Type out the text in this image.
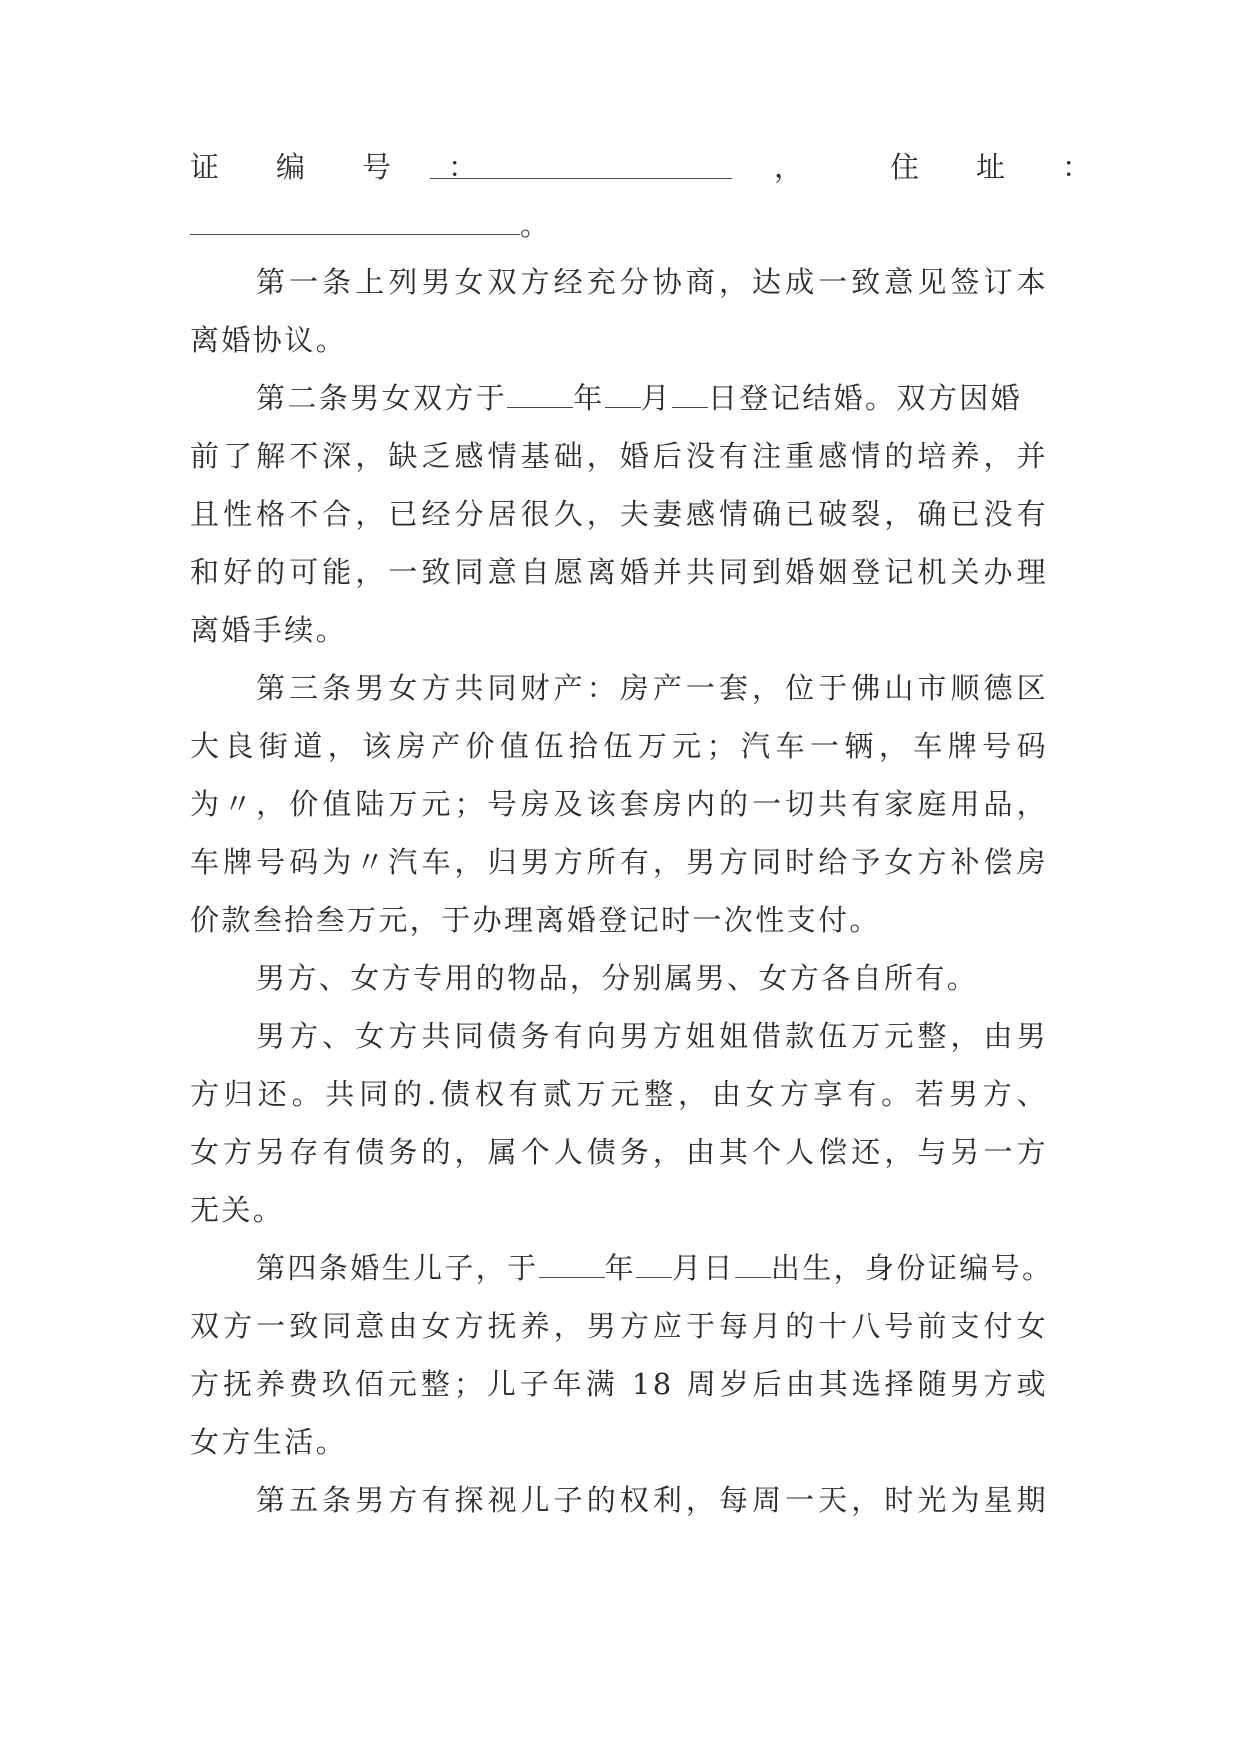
证　编　号　：	，	住　址　：
。
第一条上列男女双方经充分协商，达成一致意见签订本
离婚协议。
第二条男女双方于 年 月 日登记结婚。双方因婚
前了解不深，缺乏感情基础，婚后没有注重感情的培养，并
且性格不合，已经分居很久，夫妻感情确已破裂，确已没有
和好的可能，一致同意自愿离婚并共同到婚姻登记机关办理
离婚手续。
第三条男女方共同财产：房产一套，位于佛山市顺德区
大良街道，该房产价值伍拾伍万元；汽车一辆，车牌号码
为〃，价值陆万元；号房及该套房内的一切共有家庭用品，
车牌号码为〃汽车，归男方所有，男方同时给予女方补偿房
价款叁拾叁万元，于办理离婚登记时一次性支付。
男方、女方专用的物品，分别属男、女方各自所有。
男方、女方共同债务有向男方姐姐借款伍万元整，由男
方归还。共同的.债权有贰万元整，由女方享有。若男方、
女方另存有债务的，属个人债务，由其个人偿还，与另一方
无关。
第四条婚生儿子，于 年 月日 出生，身份证编号。
双方一致同意由女方抚养，男方应于每月的十八号前支付女
方抚养费玖佰元整；儿子年满 18 周岁后由其选择随男方或
女方生活。
第五条男方有探视儿子的权利，每周一天，时光为星期
